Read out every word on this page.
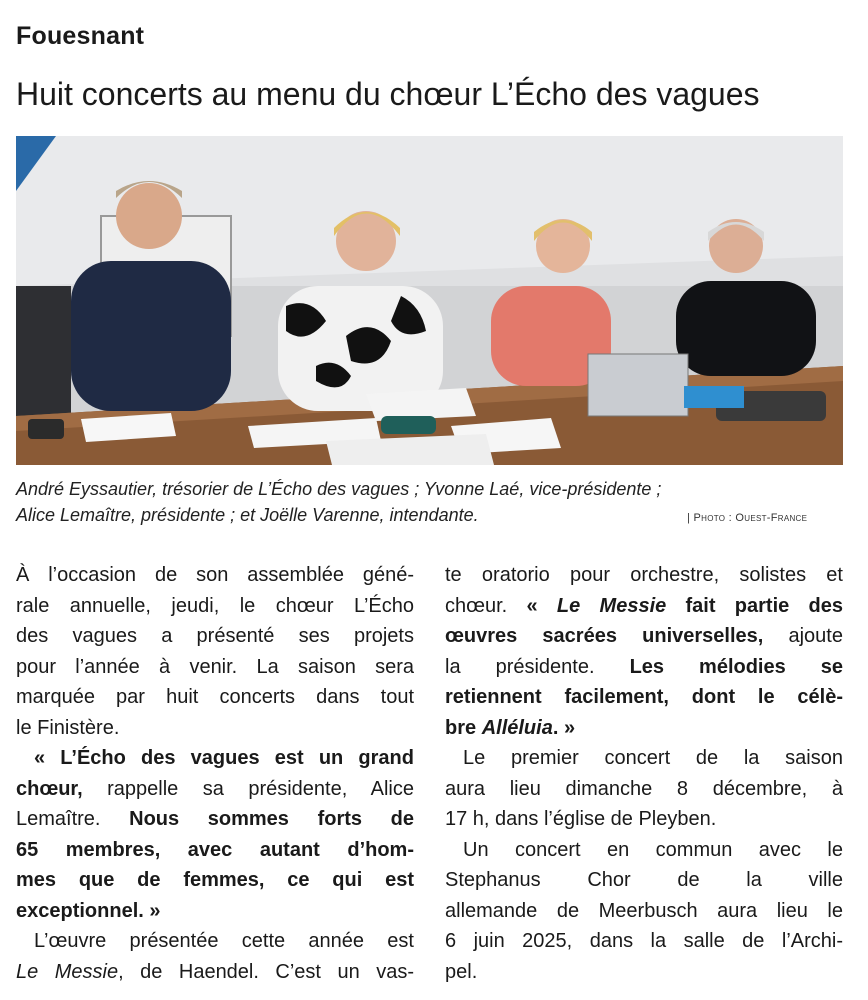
Fouesnant
Huit concerts au menu du chœur L’Écho des vagues
André Eyssautier, trésorier de L’Écho des vagues ; Yvonne Laé, vice-présidente ;
Alice Lemaître, présidente ; et Joëlle Varenne, intendante.	| Photo : Ouest-France
À l’occasion de son assemblée géné-
rale annuelle, jeudi, le chœur L’Écho
des vagues a présenté ses projets
pour l’année à venir. La saison sera
marquée par huit concerts dans tout
le Finistère.
« L’Écho des vagues est un grand
chœur, rappelle sa présidente, Alice
Lemaître. Nous sommes forts de
65 membres, avec autant d’hom-
mes que de femmes, ce qui est
exceptionnel. »
L’œuvre présentée cette année est
Le Messie, de Haendel. C’est un vas-
te oratorio pour orchestre, solistes et
chœur. « Le Messie fait partie des
œuvres sacrées universelles, ajoute
la présidente. Les mélodies se
retiennent facilement, dont le célè-
bre Alléluia. »
Le premier concert de la saison
aura lieu dimanche 8 décembre, à
17 h, dans l’église de Pleyben.
Un concert en commun avec le
Stephanus Chor de la ville
allemande de Meerbusch aura lieu le
6 juin 2025, dans la salle de l’Archi-
pel.
